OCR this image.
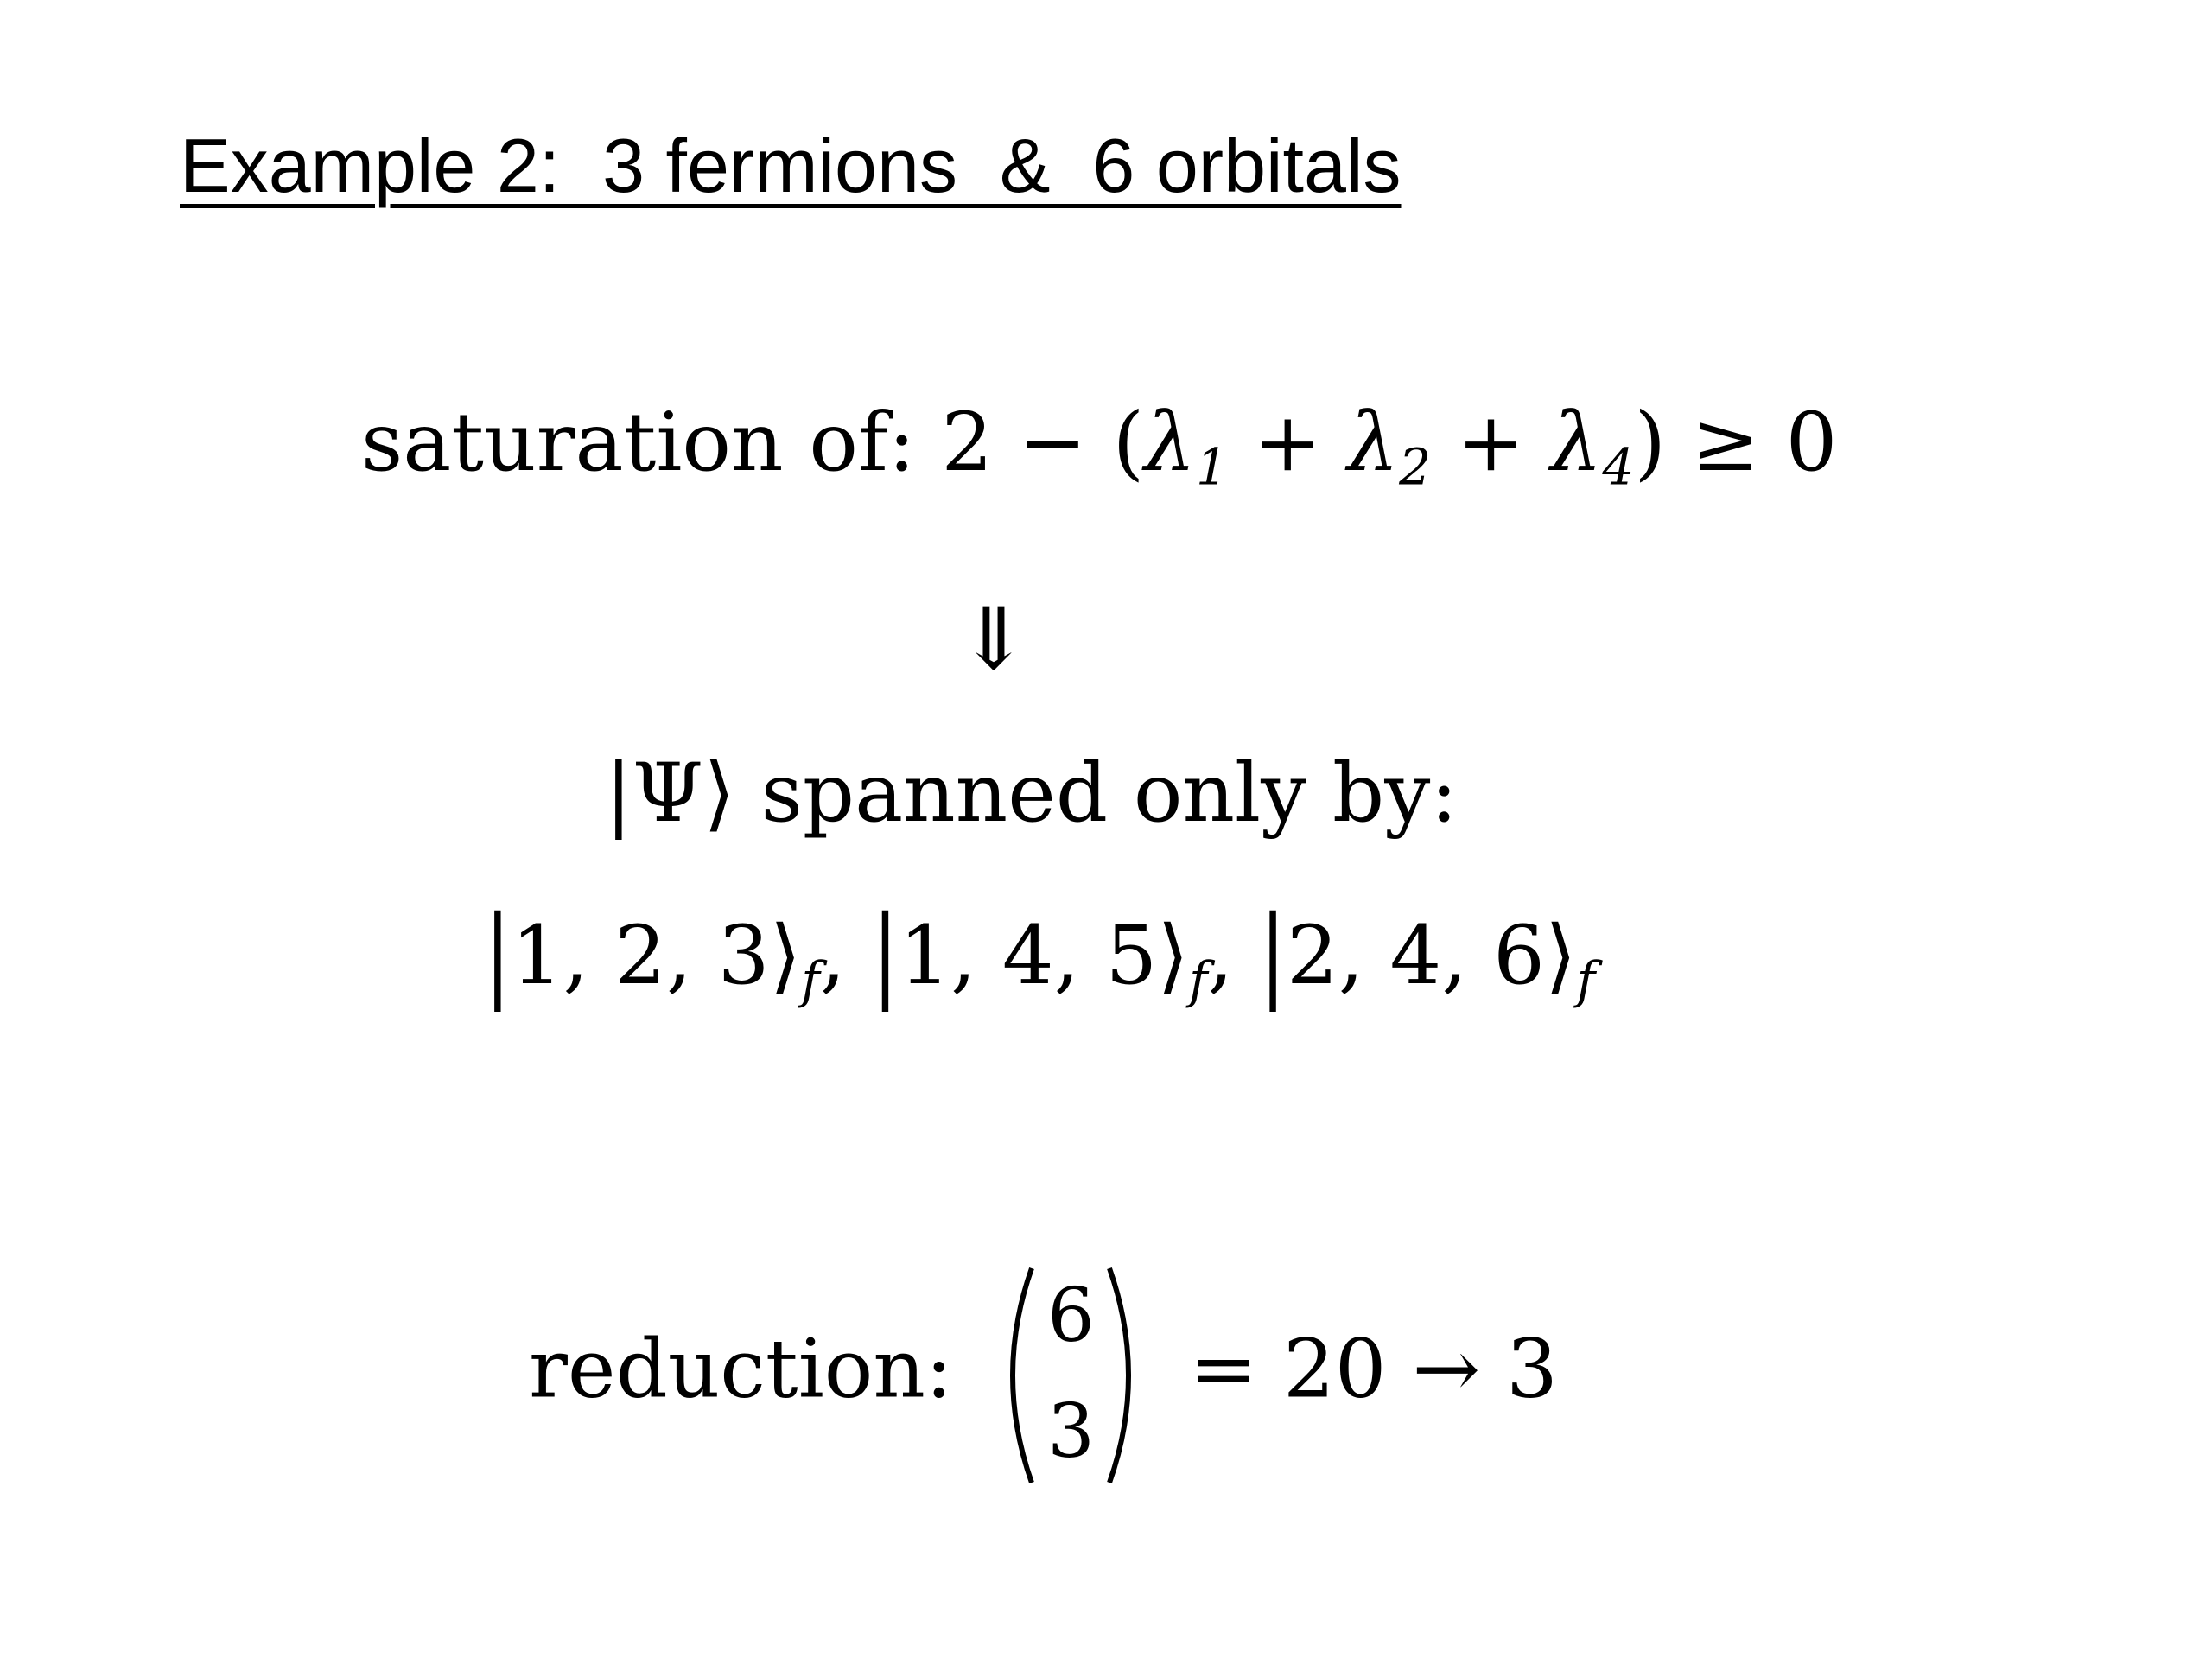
Example 2:  3 fermions  &  6 orbitals
saturation of: $2 - (\lambda_1 + \lambda_2 + \lambda_4) \ge 0$
⇓
|Ψ⟩ spanned only by:
|1, 2, $3⟩_f$, |1, 4, $5⟩_f$, |2, 4, $6⟩_f$
reduction:
6
3
= 20 → 3
